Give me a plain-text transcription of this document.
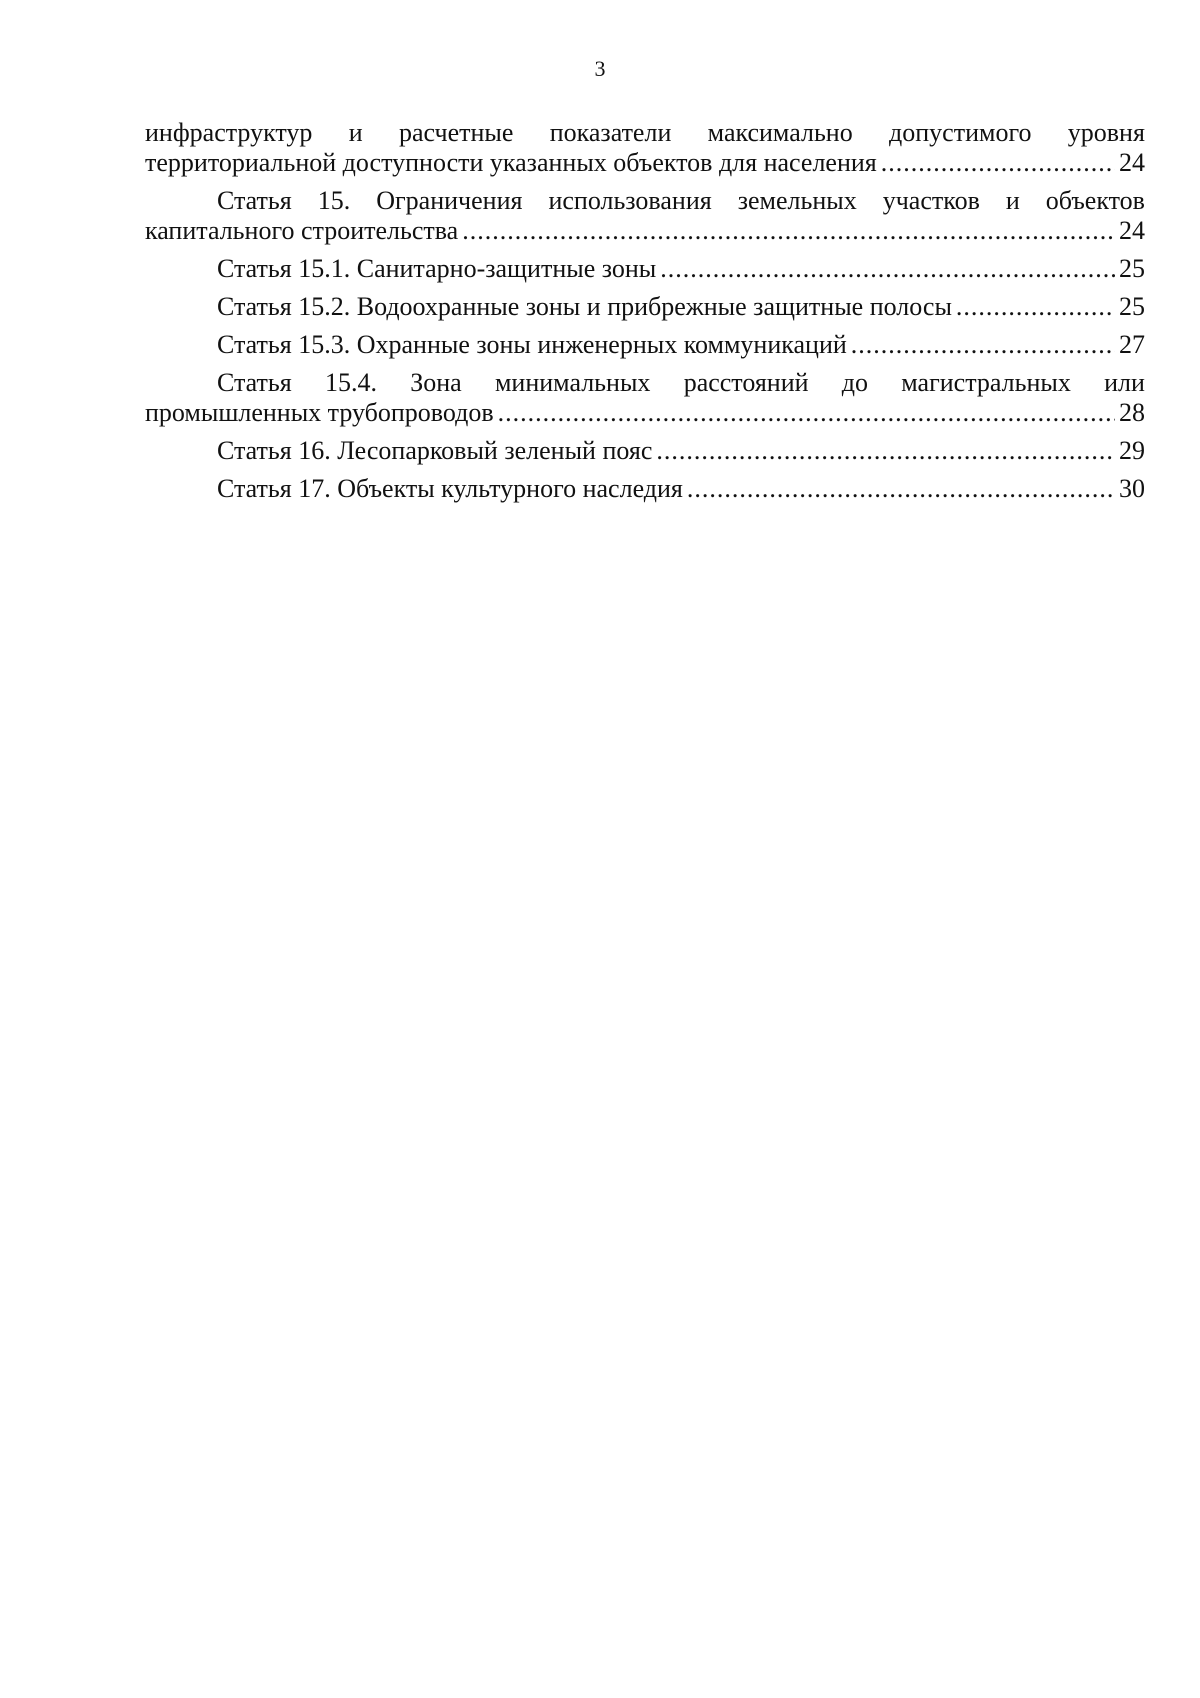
3
инфраструктур и расчетные показатели максимально допустимого уровня
территориальной доступности указанных объектов для населения .....	24
Статья 15. Ограничения использования земельных участков и объектов
капитального строительства .....	24
Статья 15.1. Санитарно-защитные зоны .....	25
Статья 15.2. Водоохранные зоны и прибрежные защитные полосы .....	25
Статья 15.3. Охранные зоны инженерных коммуникаций .....	27
Статья 15.4. Зона минимальных расстояний до магистральных или
промышленных трубопроводов .....	28
Статья 16. Лесопарковый зеленый пояс .....	29
Статья 17. Объекты культурного наследия .....	30
